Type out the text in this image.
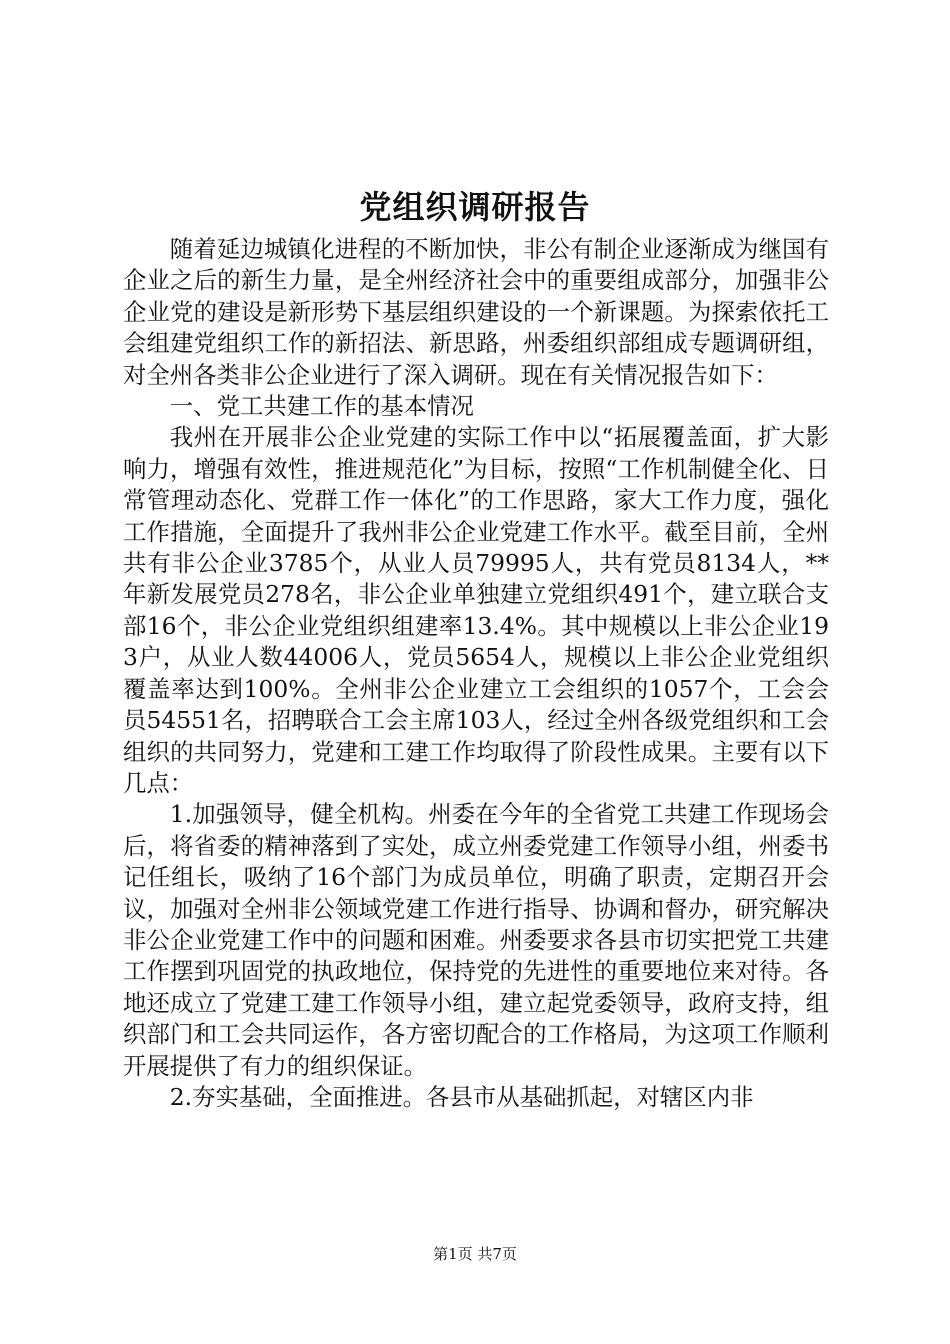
党组织调研报告

随着延边城镇化进程的不断加快，非公有制企业逐渐成为继国有企业之后的新生力量，是全州经济社会中的重要组成部分，加强非公企业党的建设是新形势下基层组织建设的一个新课题。为探索依托工会组建党组织工作的新招法、新思路，州委组织部组成专题调研组，对全州各类非公企业进行了深入调研。现在有关情况报告如下：

一、党工共建工作的基本情况

我州在开展非公企业党建的实际工作中以“拓展覆盖面，扩大影响力，增强有效性，推进规范化”为目标，按照“工作机制健全化、日常管理动态化、党群工作一体化”的工作思路，家大工作力度，强化工作措施，全面提升了我州非公企业党建工作水平。截至目前，全州共有非公企业3785个，从业人员79995人，共有党员8134人，**年新发展党员278名，非公企业单独建立党组织491个，建立联合支部16个，非公企业党组织组建率13.4%。其中规模以上非公企业193户，从业人数44006人，党员5654人，规模以上非公企业党组织覆盖率达到100%。全州非公企业建立工会组织的1057个，工会会员54551名，招聘联合工会主席103人，经过全州各级党组织和工会组织的共同努力，党建和工建工作均取得了阶段性成果。主要有以下几点：

1.加强领导，健全机构。州委在今年的全省党工共建工作现场会后，将省委的精神落到了实处，成立州委党建工作领导小组，州委书记任组长，吸纳了16个部门为成员单位，明确了职责，定期召开会议，加强对全州非公领域党建工作进行指导、协调和督办，研究解决非公企业党建工作中的问题和困难。州委要求各县市切实把党工共建工作摆到巩固党的执政地位，保持党的先进性的重要地位来对待。各地还成立了党建工建工作领导小组，建立起党委领导，政府支持，组织部门和工会共同运作，各方密切配合的工作格局，为这项工作顺利开展提供了有力的组织保证。

2.夯实基础，全面推进。各县市从基础抓起，对辖区内非

第1页 共7页
